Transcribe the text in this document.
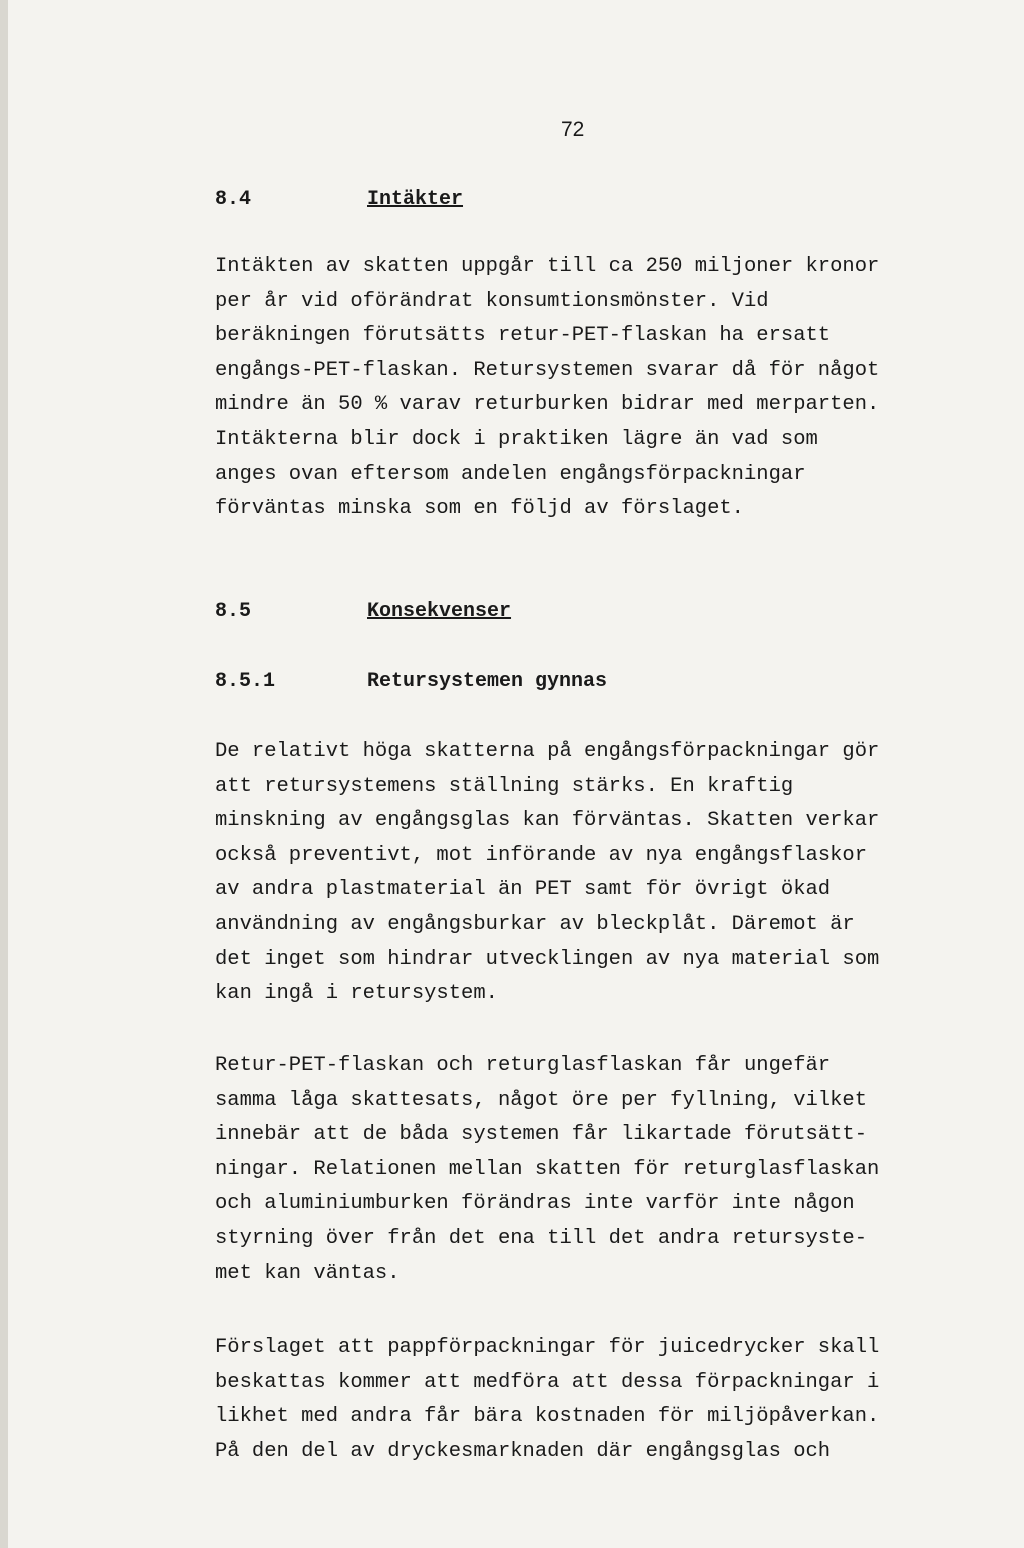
72

8.4

	Intäkter

Intäkten av skatten uppgår till ca 250 miljoner kronor
per år vid oförändrat konsumtionsmönster. Vid
beräkningen förutsätts retur-PET-flaskan ha ersatt
engångs-PET-flaskan. Retursystemen svarar då för något
mindre än 50 % varav returburken bidrar med merparten.
Intäkterna blir dock i praktiken lägre än vad som
anges ovan eftersom andelen engångsförpackningar
förväntas minska som en följd av förslaget.

8.5

	Konsekvenser

8.5.1

	Retursystemen gynnas

De relativt höga skatterna på engångsförpackningar gör
att retursystemens ställning stärks. En kraftig
minskning av engångsglas kan förväntas. Skatten verkar
också preventivt, mot införande av nya engångsflaskor
av andra plastmaterial än PET samt för övrigt ökad
användning av engångsburkar av bleckplåt. Däremot är
det inget som hindrar utvecklingen av nya material som
kan ingå i retursystem.
Retur-PET-flaskan och returglasflaskan får ungefär
samma låga skattesats, något öre per fyllning, vilket
innebär att de båda systemen får likartade förutsätt-
ningar. Relationen mellan skatten för returglasflaskan
och aluminiumburken förändras inte varför inte någon
styrning över från det ena till det andra retursyste-
met kan väntas.
Förslaget att pappförpackningar för juicedrycker skall
beskattas kommer att medföra att dessa förpackningar i
likhet med andra får bära kostnaden för miljöpåverkan.
På den del av dryckesmarknaden där engångsglas och
